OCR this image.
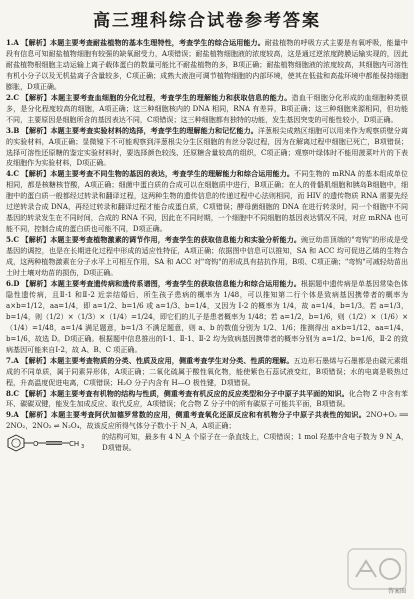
高三理科综合试卷参考答案

1.A 【解析】本题主要考查耐盐植物的基本生理特性，考查学生的综合运用能力。耐盐植物的呼吸方式主要是有氧呼吸，能量中段有信息可知耐盐植物细胞有较强的缺氧耐受力，A项错误；耐盐植物细胞液的浓度较高，这是通过逆浓度跨膜运输实现的，因此耐盐植物根细胞主动运输上离子载体蛋白的数量可能比不耐盐植物的多，B项正确；耐盐植物细胞液的浓度较高，其细胞内可溶性有机小分子以及无机盐离子含量较多，C项正确；成熟大液泡可调节植物细胞的内部环境，使其在低盐和高盐环境中都能保持细胞膨胀，D项正确。

2.C 【解析】本题主要考查血细胞的分化过程，考查学生的理解能力和获取信息的能力。造血干细胞分化形成的血细胞种类很多，是分化程度较高的细胞，A项正确；这三种细胞核内的 DNA 相同，RNA 有差异，B项正确；这三种细胞来源相同，但功能不同，主要原因是细胞所含的基因表达不同，C项错误；这三种细胞都有独特的功能，发生基因突变的可能性较小，D项正确。

3.B 【解析】本题主要考查实验材料的选择，考查学生的理解能力和记忆能力。洋葱根尖成熟区细胞可以用来作为观察质壁分离的实验材料，A项正确；显微镜下不可能观察到洋葱根尖分生区细胞的有丝分裂过程，因为在解离过程中细胞已死亡，B项错误；选择可溶性还原糖的鉴定实验材料时，要选择颜色较浅、还原糖含量较高的组织，C项正确；观察叶绿体时不能用菠菜叶片的下表皮细胞作为实验材料，D项正确。

4.C 【解析】本题主要考查不同生物的基因的表达，考查学生的理解能力和综合运用能力。不同生物的 mRNA 的基本组成单位相同，都是核糖核苷酸，A项正确；细菌中蛋白质的合成可以在细胞质中进行，B项正确；在人的骨骼肌细胞和胰岛B细胞中，细胞中的蛋白质一般都经过转录和翻译过程，这两种生物的遗传信息的传递过程中心法则相同，而 HIV 的遗传物质 RNA 需要先经过逆转录合成 DNA，再经过转录和翻译过程才能合成蛋白质，C项错误；酵母菌细胞的 DNA 在进行转录时，同一个细胞中不同基因的转录发生在不同时间，合成的 RNA 不同，因此在不同时期，一个细胞中不同细胞的基因表达情况不同，对应 mRNA 也可能不同，控制合成的蛋白质也可能不同，D项正确。

5.C 【解析】本题主要考查植物激素的调节作用，考查学生的获取信息能力和实验分析能力。豌豆幼苗顶端的"弯钩"的形成是受基因的调控，也是在长期进化过程中形成的适应性特征，A项正确；依据图中信息可以推知，SA 和 ACC 均可促进乙烯的生物合成，这两种植物激素在分子水平上可相互作用，SA 和 ACC 对"弯钩"的形成具有拮抗作用，B项、C项正确；"弯钩"可减轻幼苗出土时土壤对幼苗的损伤，D项正确。

6.D 【解析】本题主要考查遗传病和遗传系谱图，考查学生的获取信息能力和综合运用能力。根据题中遗传病是单基因常染色体隐性遗传病，且Ⅱ-1 和Ⅱ-2 近亲结婚后，所生孩子患病的概率为 1/48，可以推知第二行个体是致病基因携带者的概率为 a×b=1/12，aa=1/4，即 a=1/2、b=1/6 或 a=1/3、b=1/4，又因为 Ⅰ-2 的概率为 1/4，故 a=1/4，b=1/3。若 a=1/3，b=1/4，则（1/2）×（1/3）×（1/4）=1/24，即它们的儿子是患者概率为 1/48；若 a=1/2，b=1/6，则（1/2）×（1/6）×（1/4）=1/48，a=1/4 满足题意，b=1/3 不满足题意，则 a、b 的数值分别为 1/2、1/6；推测得出 a×b=1/12、aa=1/4、b=1/6，故选 D。D项正确。根据题中信息推出的Ⅰ-1、Ⅱ-1、Ⅱ-2 均为致病基因携带者的概率分别为 a=1/2、b=1/6，Ⅱ-2 的致病基因可能来自Ⅰ-2，故 A、B、C 项正确。

7.A 【解析】本题主要考查物质的分类、性质及应用，侧重考查学生对分类、性质的理解。五边形石墨烯与石墨都是由碳元素组成的不同单质，属于同素异形体，A项正确；二氧化硫属于酸性氧化物，能使紫色石蕊试液变红，B项错误；水的电离是吸热过程，升高温度促进电离，C项错误；H₂O 分子内含有 H—O 极性键，D项错误。

8.C 【解析】本题主要考查有机物的结构与性质，侧重考查有机反应的反应类型和分子中原子共平面的知识。化合物 Z 中含有苯环、碳碳双键，能发生加成反应、取代反应，A项错误；化合物 Z 分子中的所有碳原子可能共平面，B项错误。

9.A 【解析】本题主要考查阿伏加德罗常数的应用，侧重考查氧化还原反应和有机物分子中原子共表性的知识。2NO+O₂ ══ 2NO₂，2NO₂ ⇌ N₂O₄，故该反应所得气体分子数小于 N_A，A项正确；

O	CH 3
的结构可知，最多有 4 N_A 个原子在一条直线上，C项错误；1 mol 羟基中含电子数为 9 N_A，D项错误。
答案圈
